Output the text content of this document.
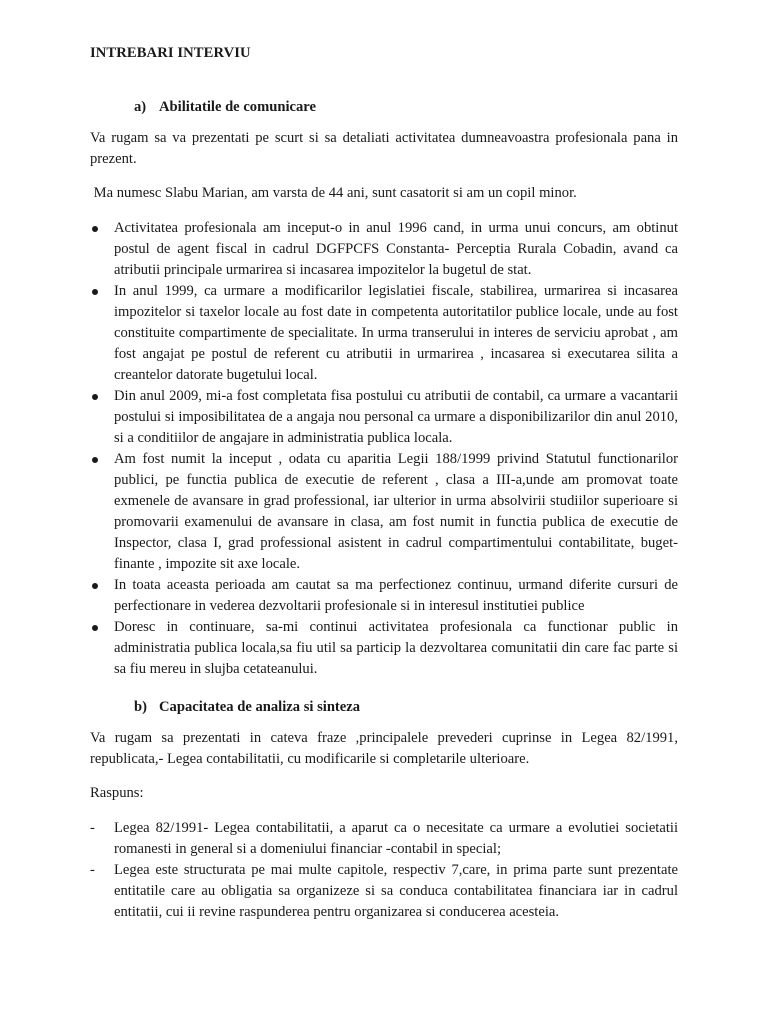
INTREBARI INTERVIU
a) Abilitatile de comunicare

Va rugam sa va prezentati pe scurt si sa detaliati activitatea dumneavoastra profesionala pana in prezent.

Ma numesc Slabu Marian, am varsta de 44 ani, sunt casatorit si am un copil minor.

Activitatea profesionala am inceput-o in anul 1996 cand, in urma unui concurs, am obtinut postul de agent fiscal in cadrul DGFPCFS Constanta- Perceptia Rurala Cobadin, avand ca atributii principale urmarirea si incasarea impozitelor la bugetul de stat.
In anul 1999, ca urmare a modificarilor legislatiei fiscale, stabilirea, urmarirea si incasarea impozitelor si taxelor locale au fost date in competenta autoritatilor publice locale, unde au fost constituite compartimente de specialitate. In urma transerului in interes de serviciu aprobat , am fost angajat pe postul de referent cu atributii in urmarirea , incasarea si executarea silita a creantelor datorate bugetului local.
Din anul 2009, mi-a fost completata fisa postului cu atributii de contabil, ca urmare a vacantarii postului si imposibilitatea de a angaja nou personal ca urmare a disponibilizarilor din anul 2010, si a conditiilor de angajare in administratia publica locala.
Am fost numit la inceput , odata cu aparitia Legii 188/1999 privind Statutul functionarilor publici, pe functia publica de executie de referent , clasa a III-a,unde am promovat toate exmenele de avansare in grad professional, iar ulterior in urma absolvirii studiilor superioare si promovarii examenului de avansare in clasa, am fost numit in functia publica de executie de Inspector, clasa I, grad professional asistent in cadrul compartimentului contabilitate, buget-finante , impozite sit axe locale.
In toata aceasta perioada am cautat sa ma perfectionez continuu, urmand diferite cursuri de perfectionare in vederea dezvoltarii profesionale si in interesul institutiei publice
Doresc in continuare, sa-mi continui activitatea profesionala ca functionar public in administratia publica locala,sa fiu util sa particip la dezvoltarea comunitatii din care fac parte si sa fiu mereu in slujba cetateanului.
b) Capacitatea de analiza si sinteza

Va rugam sa prezentati in cateva fraze ,principalele prevederi cuprinse in Legea 82/1991, republicata,- Legea contabilitatii, cu modificarile si completarile ulterioare.

Raspuns:

- Legea 82/1991- Legea contabilitatii, a aparut ca o necesitate ca urmare a evolutiei societatii romanesti in general si a domeniului financiar -contabil in special;
- Legea este structurata pe mai multe capitole, respectiv 7,care, in prima parte sunt prezentate entitatile care au obligatia sa organizeze si sa conduca contabilitatea financiara iar in cadrul entitatii, cui ii revine raspunderea pentru organizarea si conducerea acesteia.
